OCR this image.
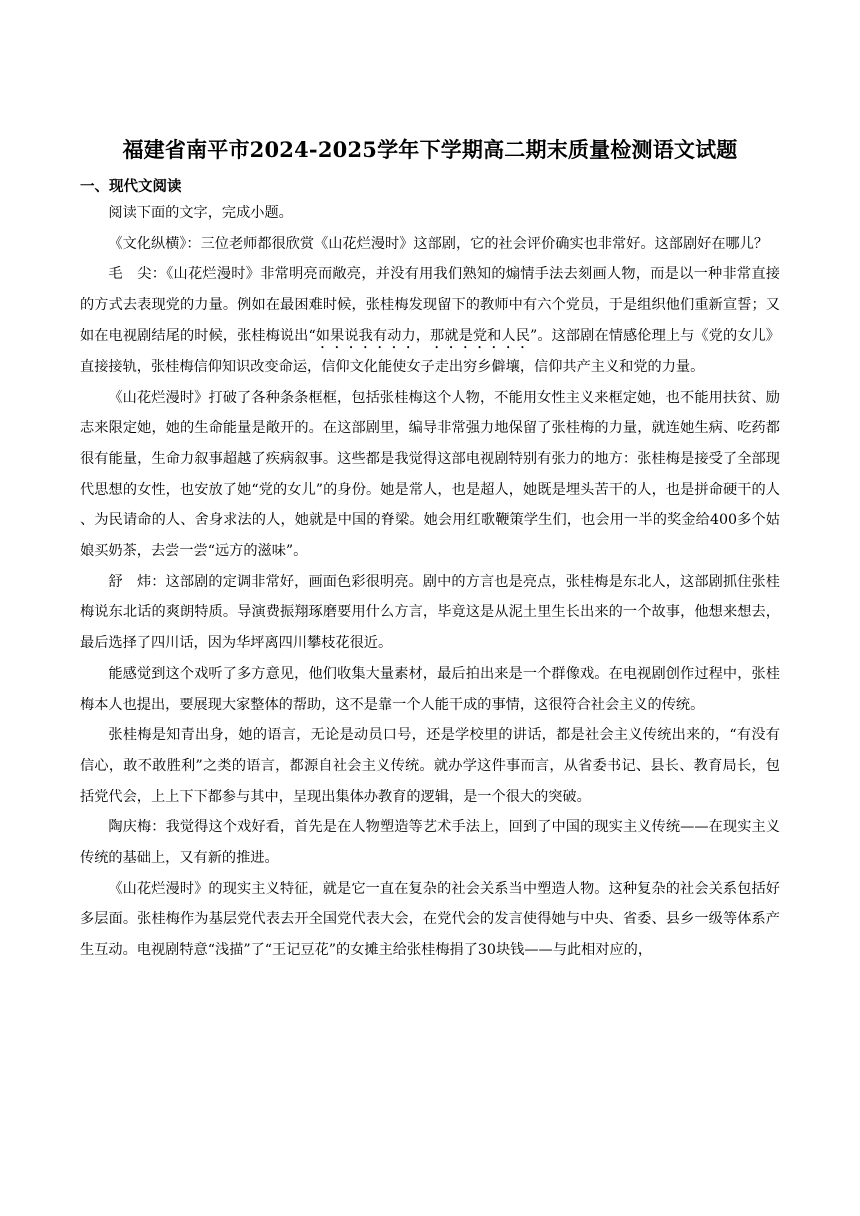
福建省南平市2024-2025学年下学期高二期末质量检测语文试题
一、现代文阅读

阅读下面的文字，完成小题。

《文化纵横》：三位老师都很欣赏《山花烂漫时》这部剧，它的社会评价确实也非常好。这部剧好在哪儿？

毛　尖：《山花烂漫时》非常明亮而敞亮，并没有用我们熟知的煽情手法去刻画人物，而是以一种非常直接的方式去表现党的力量。例如在最困难时候，张桂梅发现留下的教师中有六个党员，于是组织他们重新宣誓；又如在电视剧结尾的时候，张桂梅说出“如果说我有动力，那就是党和人民”。这部剧在情感伦理上与《党的女儿》直接接轨，张桂梅信仰知识改变命运，信仰文化能使女子走出穷乡僻壤，信仰共产主义和党的力量。

《山花烂漫时》打破了各种条条框框，包括张桂梅这个人物，不能用女性主义来框定她，也不能用扶贫、励志来限定她，她的生命能量是敞开的。在这部剧里，编导非常强力地保留了张桂梅的力量，就连她生病、吃药都很有能量，生命力叙事超越了疾病叙事。这些都是我觉得这部电视剧特别有张力的地方：张桂梅是接受了全部现代思想的女性，也安放了她“党的女儿”的身份。她是常人，也是超人，她既是埋头苦干的人，也是拼命硬干的人、为民请命的人、舍身求法的人，她就是中国的脊梁。她会用红歌鞭策学生们，也会用一半的奖金给400多个姑娘买奶茶，去尝一尝“远方的滋味”。

舒　炜：这部剧的定调非常好，画面色彩很明亮。剧中的方言也是亮点，张桂梅是东北人，这部剧抓住张桂梅说东北话的爽朗特质。导演费振翔琢磨要用什么方言，毕竟这是从泥土里生长出来的一个故事，他想来想去，最后选择了四川话，因为华坪离四川攀枝花很近。

能感觉到这个戏听了多方意见，他们收集大量素材，最后拍出来是一个群像戏。在电视剧创作过程中，张桂梅本人也提出，要展现大家整体的帮助，这不是靠一个人能干成的事情，这很符合社会主义的传统。

张桂梅是知青出身，她的语言，无论是动员口号，还是学校里的讲话，都是社会主义传统出来的，“有没有信心，敢不敢胜利”之类的语言，都源自社会主义传统。就办学这件事而言，从省委书记、县长、教育局长，包括党代会，上上下下都参与其中，呈现出集体办教育的逻辑，是一个很大的突破。

陶庆梅：我觉得这个戏好看，首先是在人物塑造等艺术手法上，回到了中国的现实主义传统——在现实主义传统的基础上，又有新的推进。

《山花烂漫时》的现实主义特征，就是它一直在复杂的社会关系当中塑造人物。这种复杂的社会关系包括好多层面。张桂梅作为基层党代表去开全国党代表大会，在党代会的发言使得她与中央、省委、县乡一级等体系产生互动。电视剧特意“浅描”了“王记豆花”的女摊主给张桂梅捐了30块钱——与此相对应的，
